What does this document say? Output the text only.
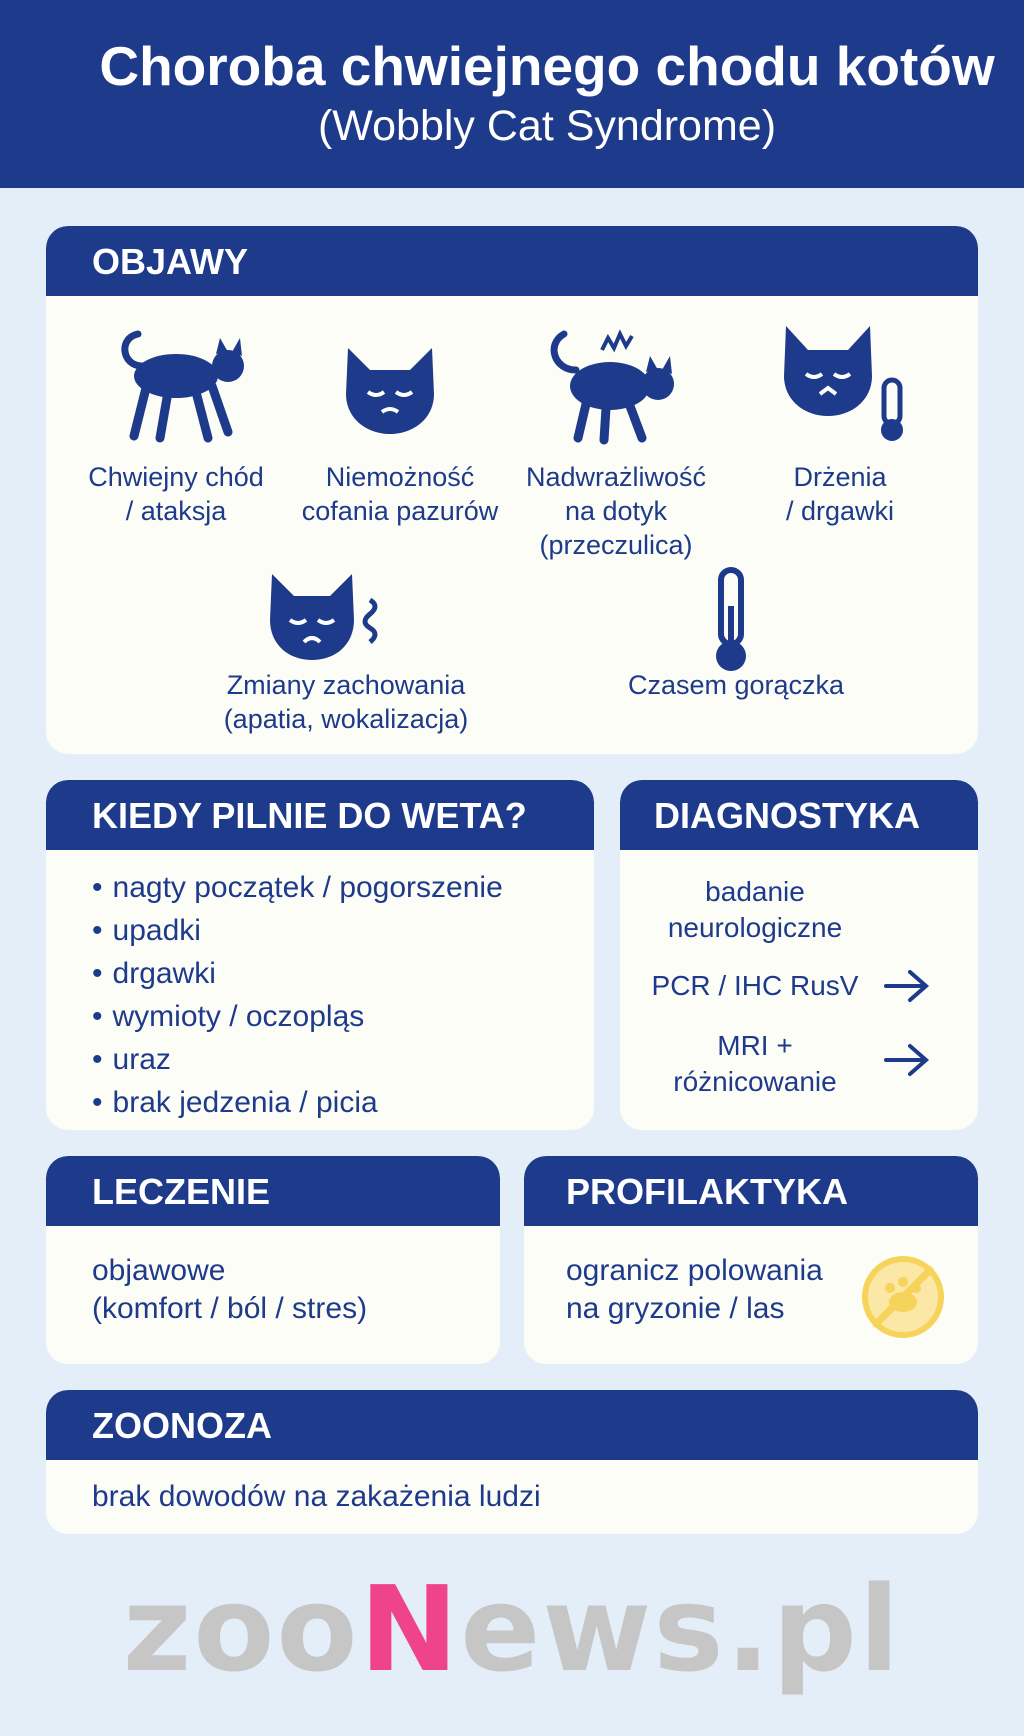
Choroba chwiejnego chodu kotów
(Wobbly Cat Syndrome)
OBJAWY
Chwiejny chód
/ ataksja
Niemożność
cofania pazurów
Nadwrażliwość
na dotyk
(przeczulica)
Drżenia
/ drgawki
Zmiany zachowania
(apatia, wokalizacja)
Czasem gorączka
KIEDY PILNIE DO WETA?
• nagty początek / pogorszenie
• upadki
• drgawki
• wymioty / oczopląs
• uraz
• brak jedzenia / picia
DIAGNOSTYKA
badanie
neurologiczne
PCR / IHC RusV
MRI +
różnicowanie
LECZENIE
objawowe
(komfort / ból / stres)
PROFILAKTYKA
ogranicz polowania
na gryzonie / las
ZOONOZA
brak dowodów na zakażenia ludzi
zooNews.pl
